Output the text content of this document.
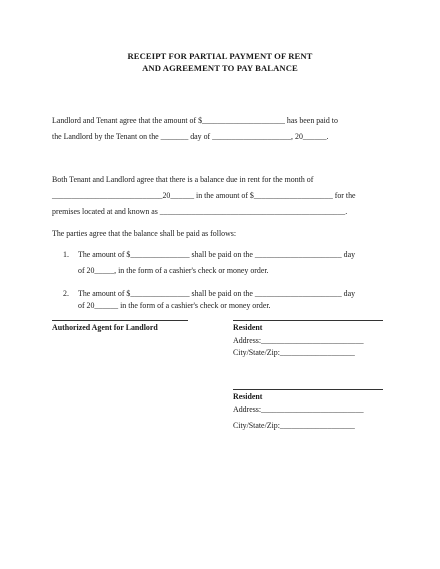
RECEIPT FOR PARTIAL PAYMENT OF RENT
AND AGREEMENT TO PAY BALANCE
Landlord and Tenant agree that the amount of $_____________________ has been paid to
the Landlord by the Tenant on the _______ day of ____________________, 20______.
Both Tenant and Landlord agree that there is a balance due in rent for the month of
____________________________20______ in the amount of $____________________ for the
premises located at and known as _______________________________________________.
The parties agree that the balance shall be paid as follows:
1. The amount of $_______________ shall be paid on the ______________________ day
of 20_____, in the form of a cashier's check or money order.
2. The amount of $_______________ shall be paid on the ______________________ day
of 20______ in the form of a cashier's check or money order.
Authorized Agent for Landlord	Resident
Address:__________________________
City/State/Zip:___________________
Resident
Address:__________________________
City/State/Zip:___________________
